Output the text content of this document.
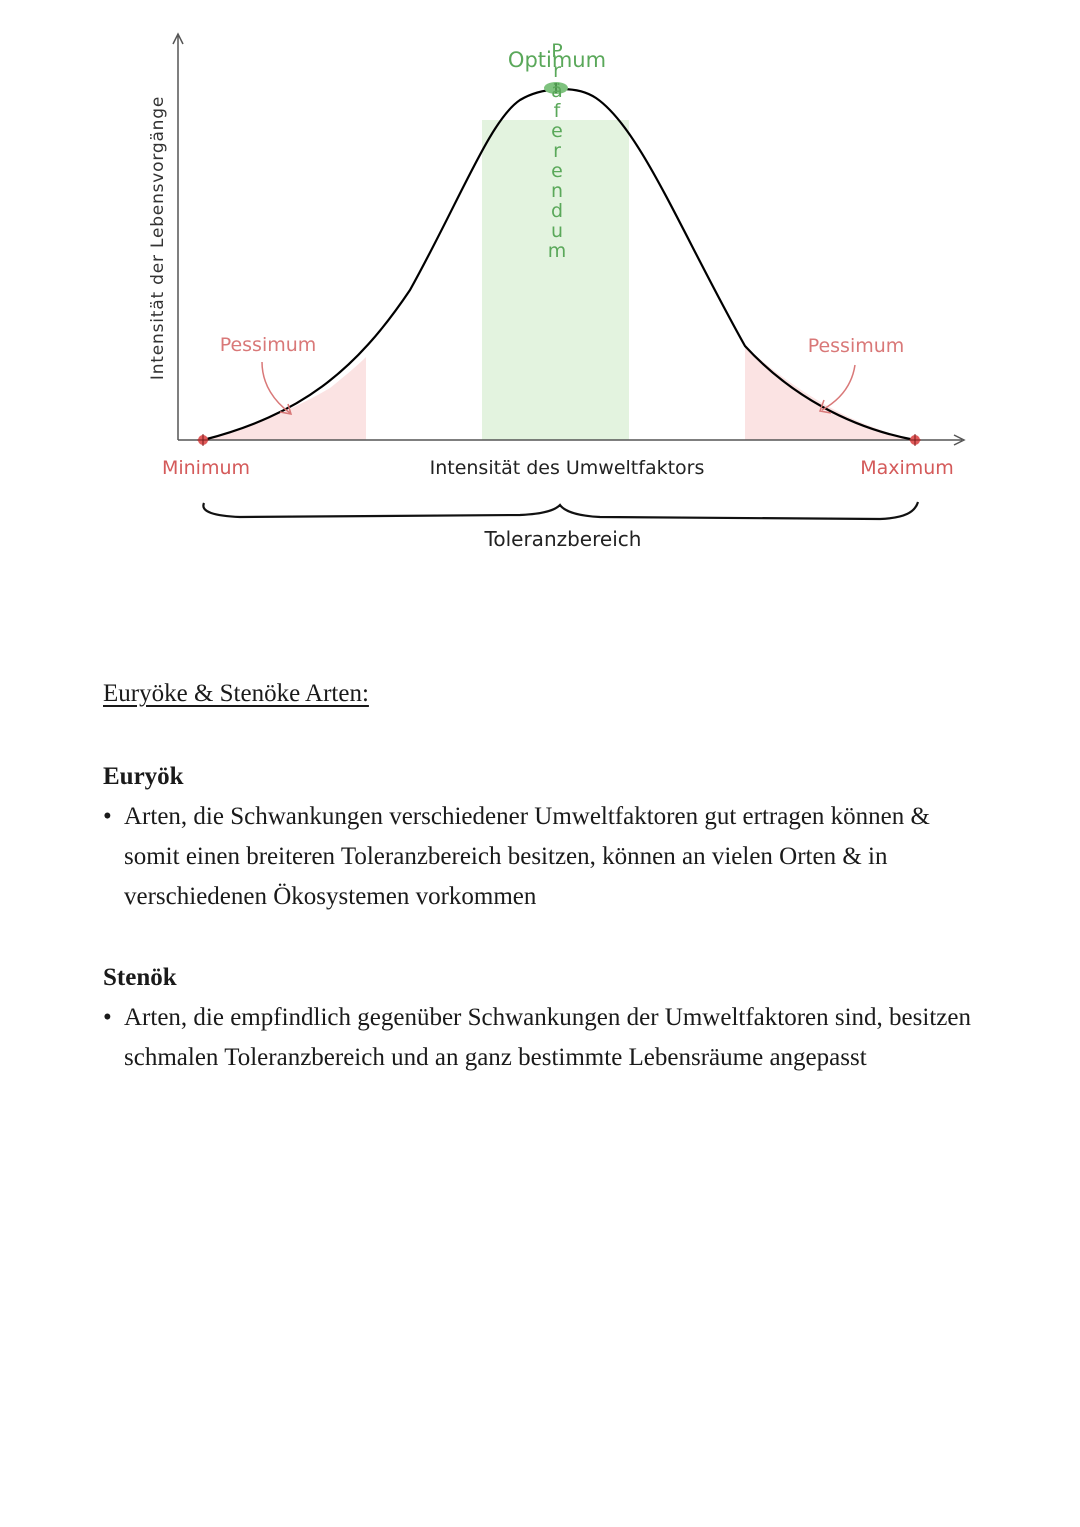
Intensität der Lebensvorgänge
Optimum
Pessimum	Pessimum
Minimum	Intensität des Umweltfaktors	Maximum
Toleranzbereich
Präferendum
Euryöke & Stenöke Arten:
Euryök
• Arten, die Schwankungen verschiedener Umweltfaktoren gut ertragen können & somit einen breiteren Toleranzbereich besitzen, können an vielen Orten & in verschiedenen Ökosystemen vorkommen
Stenök
• Arten, die empfindlich gegenüber Schwankungen der Umweltfaktoren sind, besitzen schmalen Toleranzbereich und an ganz bestimmte Lebensräume angepasst
